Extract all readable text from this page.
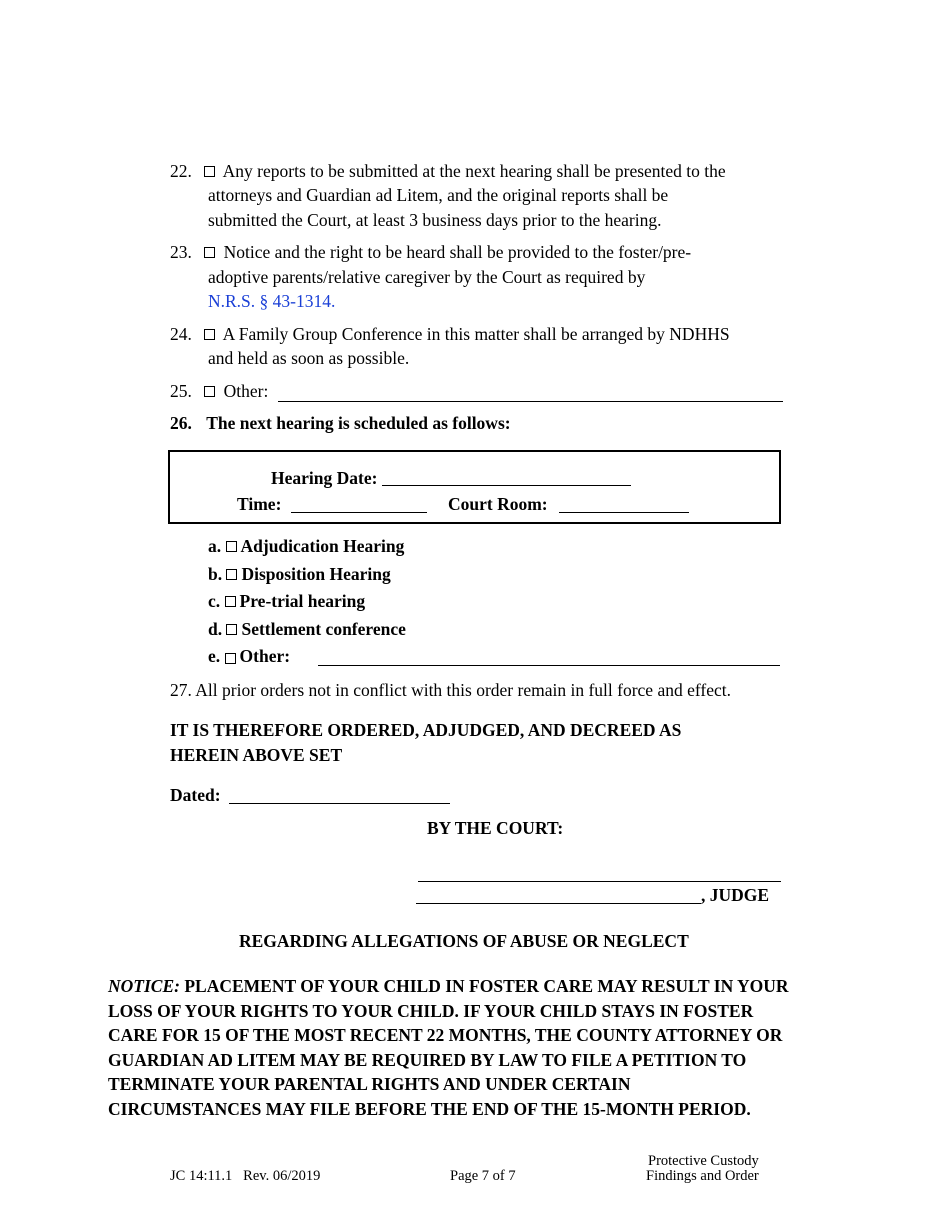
22. Any reports to be submitted at the next hearing shall be presented to the
attorneys and Guardian ad Litem, and the original reports shall be
submitted the Court, at least 3 business days prior to the hearing.
23. Notice and the right to be heard shall be provided to the foster/pre-
adoptive parents/relative caregiver by the Court as required by
N.R.S. § 43-1314.
24. A Family Group Conference in this matter shall be arranged by NDHHS
and held as soon as possible.
25. Other:
26. The next hearing is scheduled as follows:
Hearing Date:
Time:	Court Room:
a. Adjudication Hearing
b. Disposition Hearing
c. Pre-trial hearing
d. Settlement conference
e. Other:
27. All prior orders not in conflict with this order remain in full force and effect.
IT IS THEREFORE ORDERED, ADJUDGED, AND DECREED AS
HEREIN ABOVE SET
Dated:
BY THE COURT:
, JUDGE
REGARDING ALLEGATIONS OF ABUSE OR NEGLECT
NOTICE: PLACEMENT OF YOUR CHILD IN FOSTER CARE MAY RESULT IN YOUR
LOSS OF YOUR RIGHTS TO YOUR CHILD. IF YOUR CHILD STAYS IN FOSTER
CARE FOR 15 OF THE MOST RECENT 22 MONTHS, THE COUNTY ATTORNEY OR
GUARDIAN AD LITEM MAY BE REQUIRED BY LAW TO FILE A PETITION TO
TERMINATE YOUR PARENTAL RIGHTS AND UNDER CERTAIN
CIRCUMSTANCES MAY FILE BEFORE THE END OF THE 15-MONTH PERIOD.
JC 14:11.1   Rev. 06/2019	Page 7 of 7
Protective Custody
Findings and Order
